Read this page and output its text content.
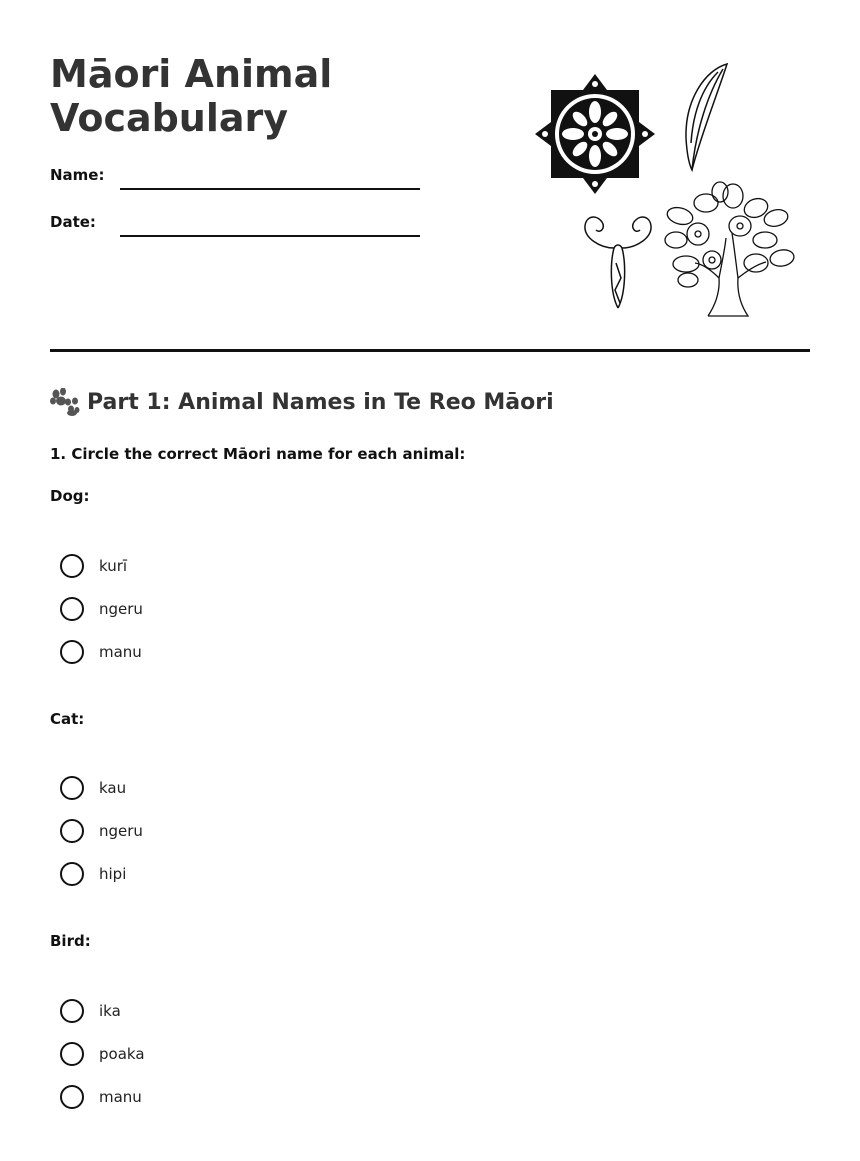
Māori Animal
Vocabulary
Name:
Date:
Part 1: Animal Names in Te Reo Māori
1. Circle the correct Māori name for each animal:
Dog:
kurī
ngeru
manu
Cat:
kau
ngeru
hipi
Bird:
ika
poaka
manu
